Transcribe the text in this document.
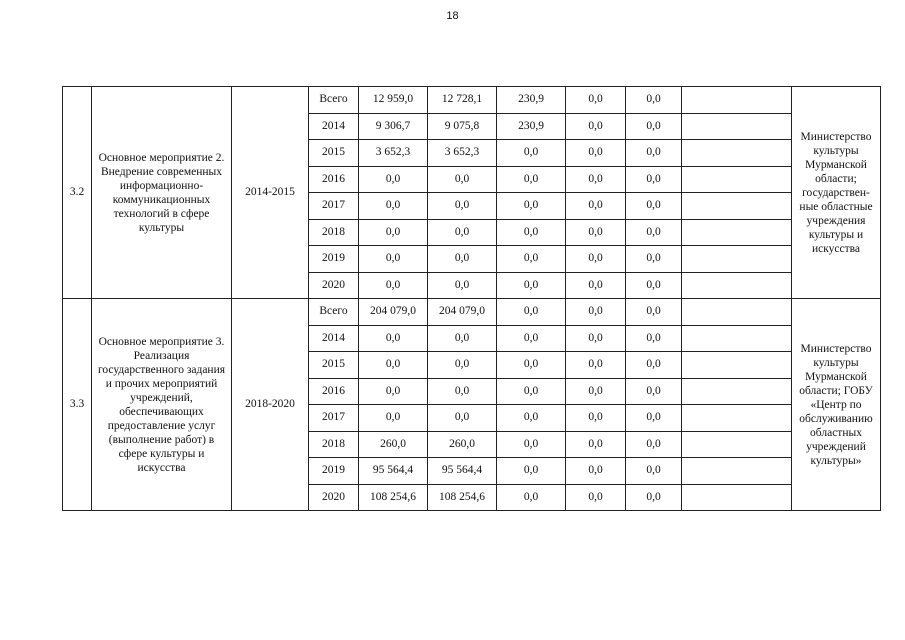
18
3.2	Основное мероприятие 2. Внедрение современных информационно-коммуникационных технологий в сфере культуры	2014-2015	Всего	12 959,0	12 728,1	230,9	0,0	0,0		Министерство культуры Мурманской области; государствен-ные областные учреждения культуры и искусства
			2014	9 306,7	9 075,8	230,9	0,0	0,0		
			2015	3 652,3	3 652,3	0,0	0,0	0,0		
			2016	0,0	0,0	0,0	0,0	0,0		
			2017	0,0	0,0	0,0	0,0	0,0		
			2018	0,0	0,0	0,0	0,0	0,0		
			2019	0,0	0,0	0,0	0,0	0,0		
			2020	0,0	0,0	0,0	0,0	0,0		
3.3	Основное мероприятие 3. Реализация государственного задания и прочих мероприятий учреждений, обеспечивающих предоставление услуг (выполнение работ) в сфере культуры и искусства	2018-2020	Всего	204 079,0	204 079,0	0,0	0,0	0,0		Министерство культуры Мурманской области; ГОБУ «Центр по обслуживанию областных учреждений культуры»
			2014	0,0	0,0	0,0	0,0	0,0		
			2015	0,0	0,0	0,0	0,0	0,0		
			2016	0,0	0,0	0,0	0,0	0,0		
			2017	0,0	0,0	0,0	0,0	0,0		
			2018	260,0	260,0	0,0	0,0	0,0		
			2019	95 564,4	95 564,4	0,0	0,0	0,0		
			2020	108 254,6	108 254,6	0,0	0,0	0,0		
